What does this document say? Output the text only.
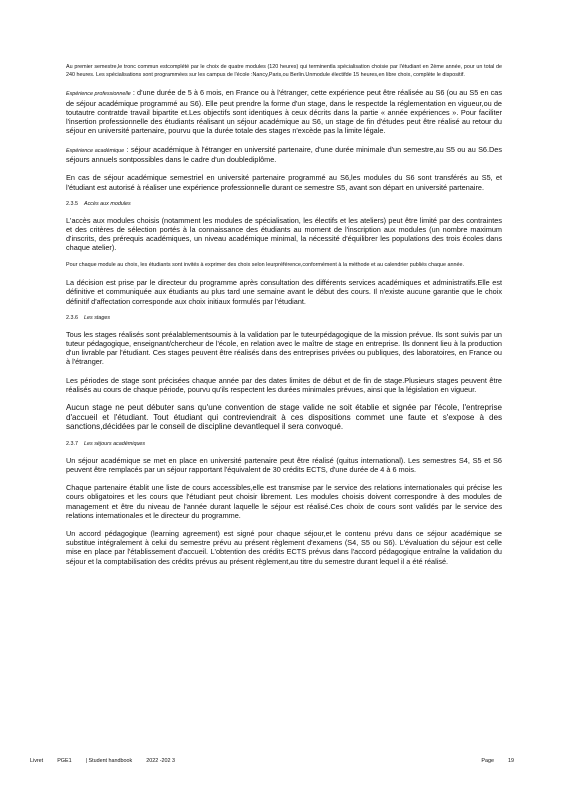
Au premier semestre,le tronc commun estcomplété par le choix de quatre modules (120 heures) qui terminentla spécialisation choisie par l'étudiant en 2ème année, pour un total de 240 heures. Les spécialisations sont programmées sur les campus de l'école :Nancy,Paris,ou Berlin.Unmodule électifde 15 heures,en libre choix, complète le dispositif.

Expérience professionnelle : d'une durée de 5 à 6 mois, en France ou à l'étranger, cette expérience peut être réalisée au S6 (ou au S5 en cas de séjour académique programmé au S6). Elle peut prendre la forme d'un stage, dans le respectde la réglementation en vigueur,ou de toutautre contratde travail bipartite et.Les objectifs sont identiques à ceux décrits dans la partie « année expériences ». Pour faciliter l'insertion professionnelle des étudiants réalisant un séjour académique au S6, un stage de fin d'études peut être réalisé au retour du séjour en université partenaire, pourvu que la durée totale des stages n'excède pas la limite légale.

Expérience académique : séjour académique à l'étranger en université partenaire, d'une durée minimale d'un semestre,au S5 ou au S6.Des séjours annuels sontpossibles dans le cadre d'un doublediplôme.

En cas de séjour académique semestriel en université partenaire programmé au S6,les modules du S6 sont transférés au S5, et l'étudiant est autorisé à réaliser une expérience professionnelle durant ce semestre S5, avant son départ en université partenaire.

2.3.5 Accès aux modules

L'accès aux modules choisis (notamment les modules de spécialisation, les électifs et les ateliers) peut être limité par des contraintes et des critères de sélection portés à la connaissance des étudiants au moment de l'inscription aux modules (un nombre maximum d'inscrits, des prérequis académiques, un niveau académique minimal, la nécessité d'équilibrer les populations des trois écoles dans chaque atelier).

Pour chaque module au choix, les étudiants sont invités à exprimer des choix selon leurpréférence,conformément à la méthode et au calendrier publiés chaque année.

La décision est prise par le directeur du programme après consultation des différents services académiques et administratifs.Elle est définitive et communiquée aux étudiants au plus tard une semaine avant le début des cours. Il n'existe aucune garantie que le choix définitif d'affectation corresponde aux choix initiaux formulés par l'étudiant.

2.3.6 Les stages

Tous les stages réalisés sont préalablementsoumis à la validation par le tuteurpédagogique de la mission prévue. Ils sont suivis par un tuteur pédagogique, enseignant/chercheur de l'école, en relation avec le maître de stage en entreprise. Ils donnent lieu à la production d'un livrable par l'étudiant. Ces stages peuvent être réalisés dans des entreprises privées ou publiques, des laboratoires, en France ou à l'étranger.

Les périodes de stage sont précisées chaque année par des dates limites de début et de fin de stage.Plusieurs stages peuvent être réalisés au cours de chaque période, pourvu qu'ils respectent les durées minimales prévues, ainsi que la législation en vigueur.

Aucun stage ne peut débuter sans qu'une convention de stage valide ne soit établie et signée par l'école, l'entreprise d'accueil et l'étudiant. Tout étudiant qui contreviendrait à ces dispositions commet une faute et s'expose à des sanctions,décidées par le conseil de discipline devantlequel il sera convoqué.

2.3.7 Les séjours académiques

Un séjour académique se met en place en université partenaire peut être réalisé (quitus international). Les semestres S4, S5 et S6 peuvent être remplacés par un séjour rapportant l'équivalent de 30 crédits ECTS, d'une durée de 4 à 6 mois.

Chaque partenaire établit une liste de cours accessibles,elle est transmise par le service des relations internationales qui précise les cours obligatoires et les cours que l'étudiant peut choisir librement. Les modules choisis doivent correspondre à des modules de management et être du niveau de l'année durant laquelle le séjour est réalisé.Ces choix de cours sont validés par le service des relations internationales et le directeur du programme.

Un accord pédagogique (learning agreement) est signé pour chaque séjour,et le contenu prévu dans ce séjour académique se substitue intégralement à celui du semestre prévu au présent règlement d'examens (S4, S5 ou S6). L'évaluation du séjour est celle mise en place par l'établissement d'accueil. L'obtention des crédits ECTS prévus dans l'accord pédagogique entraîne la validation du séjour et la comptabilisation des crédits prévus au présent règlement,au titre du semestre durant lequel il a été réalisé.

Livret	PGE1	| Student handbook	2022 -202 3	Page	19
